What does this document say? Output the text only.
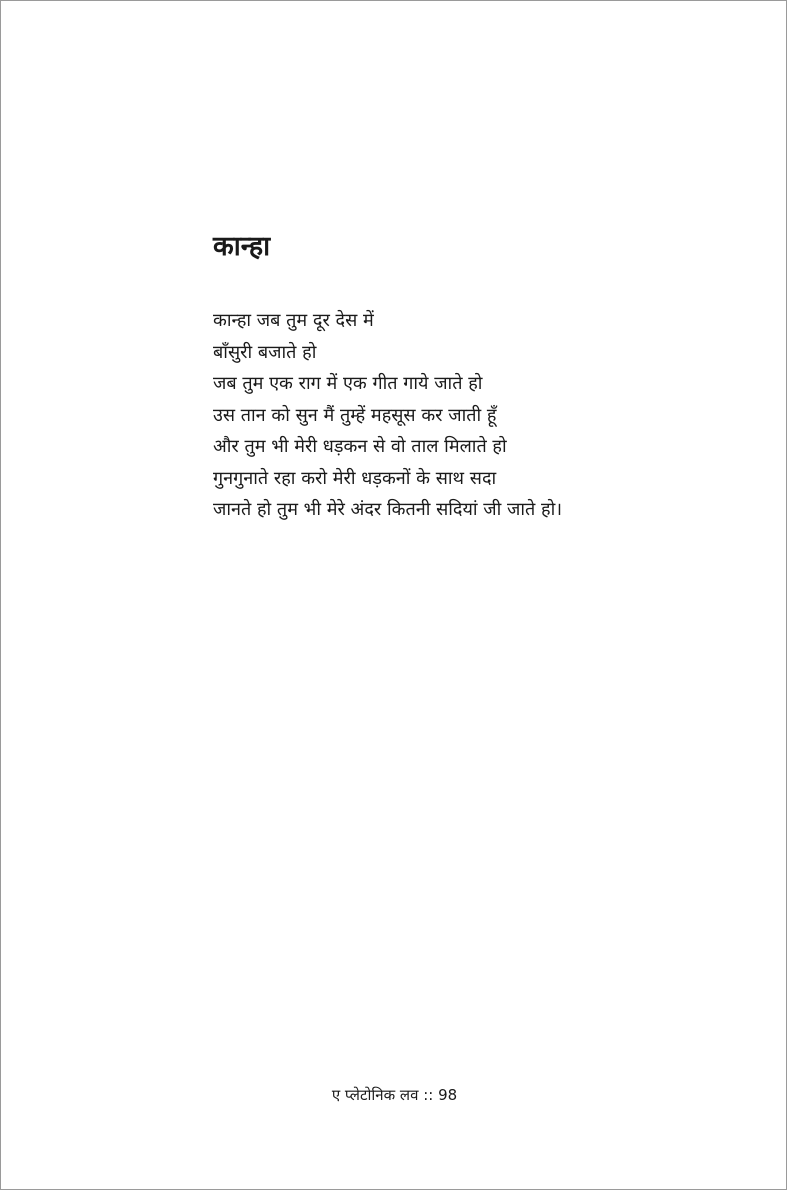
कान्हा
कान्हा जब तुम दूर देस में
बाँसुरी बजाते हो
जब तुम एक राग में एक गीत गाये जाते हो
उस तान को सुन मैं तुम्हें महसूस कर जाती हूँ
और तुम भी मेरी धड़कन से वो ताल मिलाते हो
गुनगुनाते रहा करो मेरी धड़कनों के साथ सदा
जानते हो तुम भी मेरे अंदर कितनी सदियां जी जाते हो।
ए प्लेटोनिक लव :: 98
